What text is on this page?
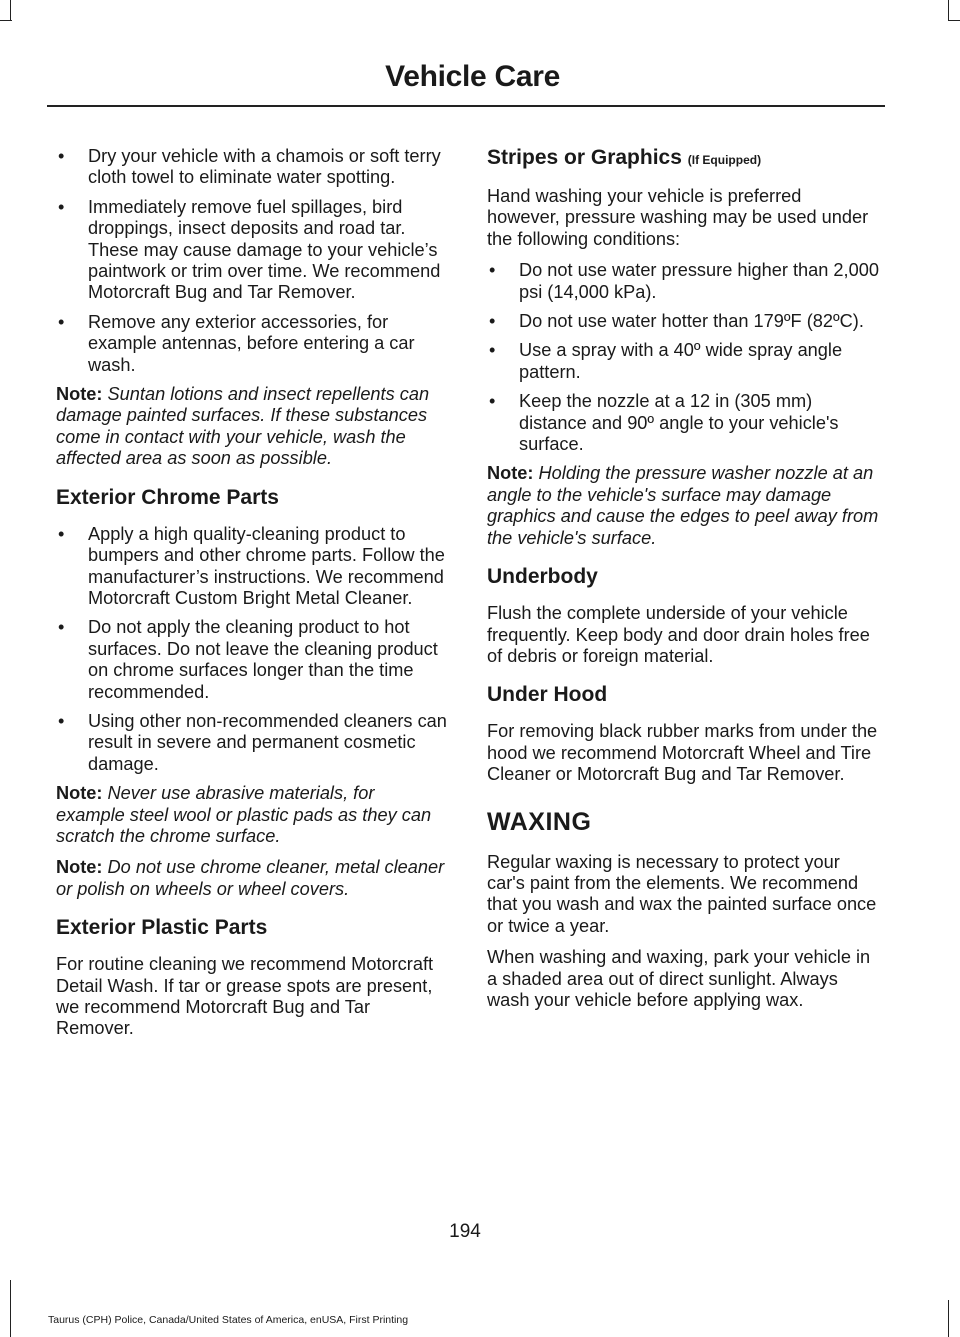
Vehicle Care
• Dry your vehicle with a chamois or soft terry cloth towel to eliminate water spotting.
• Immediately remove fuel spillages, bird droppings, insect deposits and road tar. These may cause damage to your vehicle’s paintwork or trim over time. We recommend Motorcraft Bug and Tar Remover.
• Remove any exterior accessories, for example antennas, before entering a car wash.

Note: Suntan lotions and insect repellents can damage painted surfaces. If these substances come in contact with your vehicle, wash the affected area as soon as possible.

Exterior Chrome Parts
• Apply a high quality-cleaning product to bumpers and other chrome parts. Follow the manufacturer’s instructions. We recommend Motorcraft Custom Bright Metal Cleaner.
• Do not apply the cleaning product to hot surfaces. Do not leave the cleaning product on chrome surfaces longer than the time recommended.
• Using other non-recommended cleaners can result in severe and permanent cosmetic damage.

Note: Never use abrasive materials, for example steel wool or plastic pads as they can scratch the chrome surface.

Note: Do not use chrome cleaner, metal cleaner or polish on wheels or wheel covers.

Exterior Plastic Parts

For routine cleaning we recommend Motorcraft Detail Wash. If tar or grease spots are present, we recommend Motorcraft Bug and Tar Remover.

Stripes or Graphics (If Equipped)

Hand washing your vehicle is preferred however, pressure washing may be used under the following conditions:

• Do not use water pressure higher than 2,000 psi (14,000 kPa).
• Do not use water hotter than 179ºF (82ºC).
• Use a spray with a 40º wide spray angle pattern.
• Keep the nozzle at a 12 in (305 mm) distance and 90º angle to your vehicle's surface.

Note: Holding the pressure washer nozzle at an angle to the vehicle's surface may damage graphics and cause the edges to peel away from the vehicle's surface.

Underbody

Flush the complete underside of your vehicle frequently. Keep body and door drain holes free of debris or foreign material.

Under Hood

For removing black rubber marks from under the hood we recommend Motorcraft Wheel and Tire Cleaner or Motorcraft Bug and Tar Remover.

WAXING

Regular waxing is necessary to protect your car's paint from the elements. We recommend that you wash and wax the painted surface once or twice a year.

When washing and waxing, park your vehicle in a shaded area out of direct sunlight. Always wash your vehicle before applying wax.

194
Taurus (CPH) Police, Canada/United States of America, enUSA, First Printing
